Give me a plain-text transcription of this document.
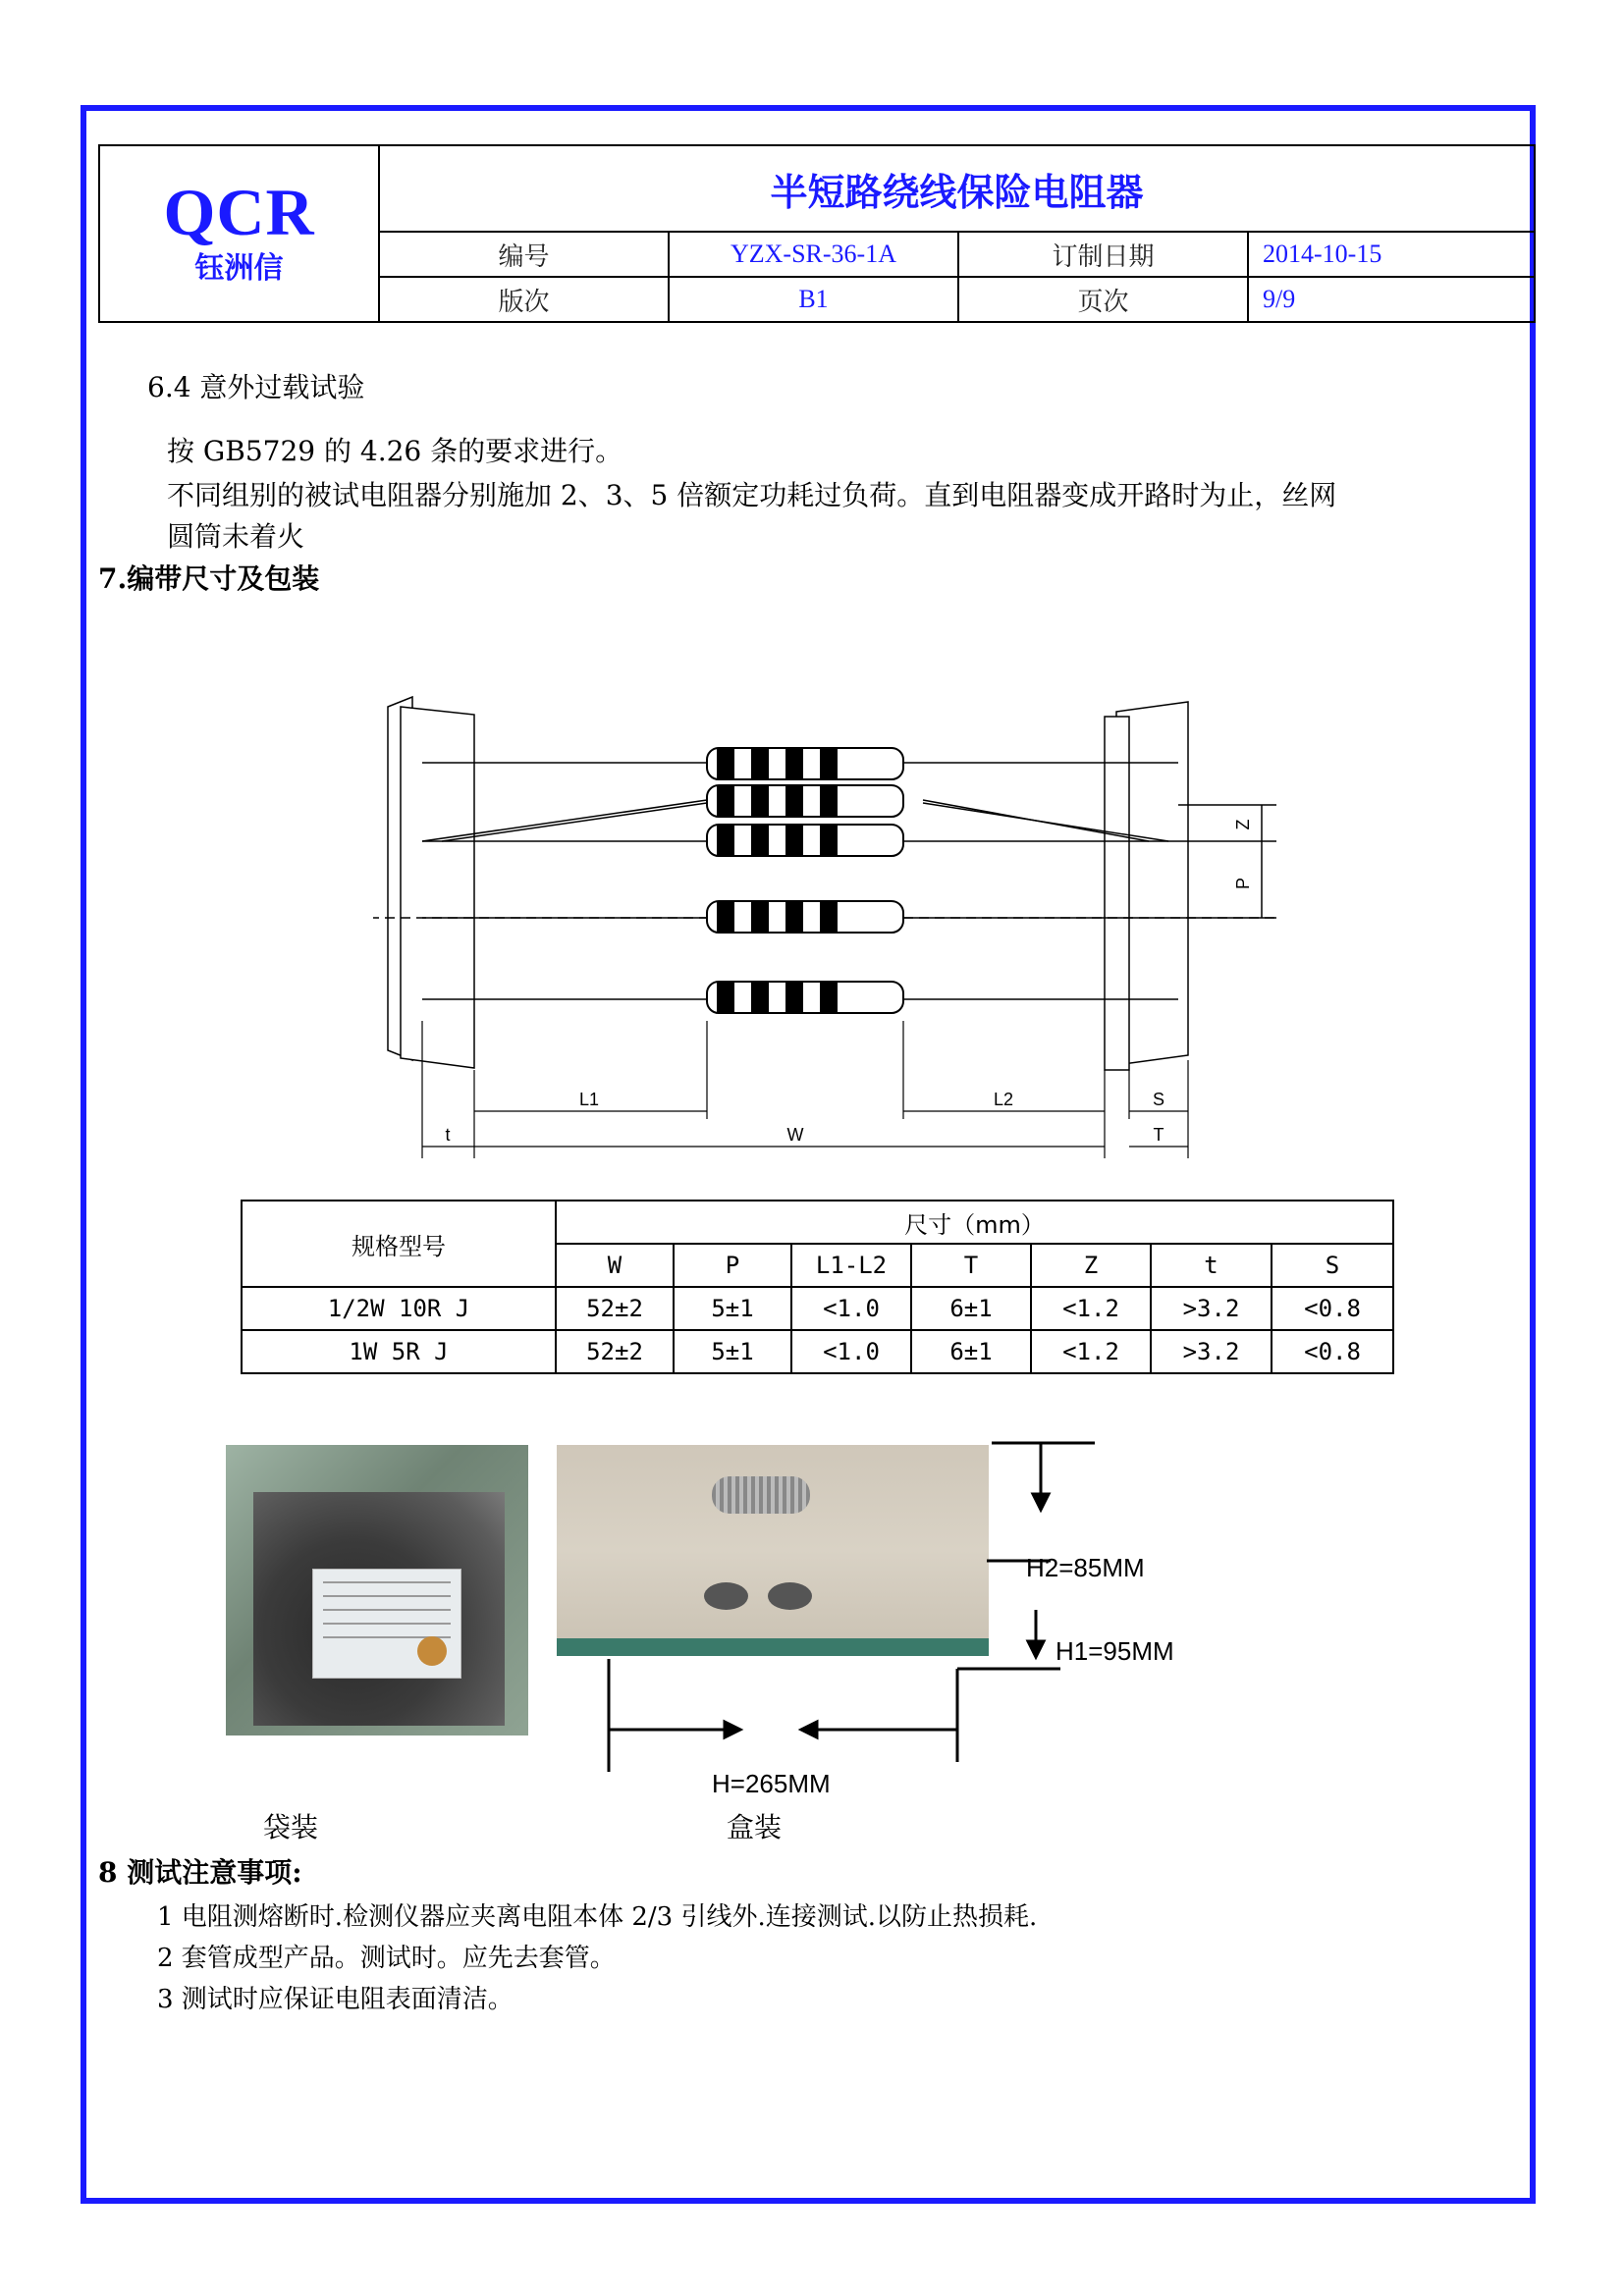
QCR
钰洲信	半短路绕线保险电阻器			
	编号	YZX-SR-36-1A	订制日期	2014-10-15
	版次	B1	页次	9/9
6.4 意外过载试验
按 GB5729 的 4.26 条的要求进行。
不同组别的被试电阻器分别施加 2、3、5 倍额定功耗过负荷。直到电阻器变成开路时为止，丝网
圆筒未着火
7.编带尺寸及包装
L1	L2	S
t	W	T
Z
P
规格型号	尺寸（mm）						
	W	P	L1-L2	T	Z	t	S
1/2W 10R J	52±2	5±1	<1.0	6±1	<1.2	>3.2	<0.8
1W 5R J	52±2	5±1	<1.0	6±1	<1.2	>3.2	<0.8
H2=85MM
H1=95MM
H=265MM
袋装	盒装
8 测试注意事项:
1 电阻测熔断时.检测仪器应夹离电阻本体 2/3 引线外.连接测试.以防止热损耗.
2 套管成型产品。测试时。应先去套管。
3 测试时应保证电阻表面清洁。
